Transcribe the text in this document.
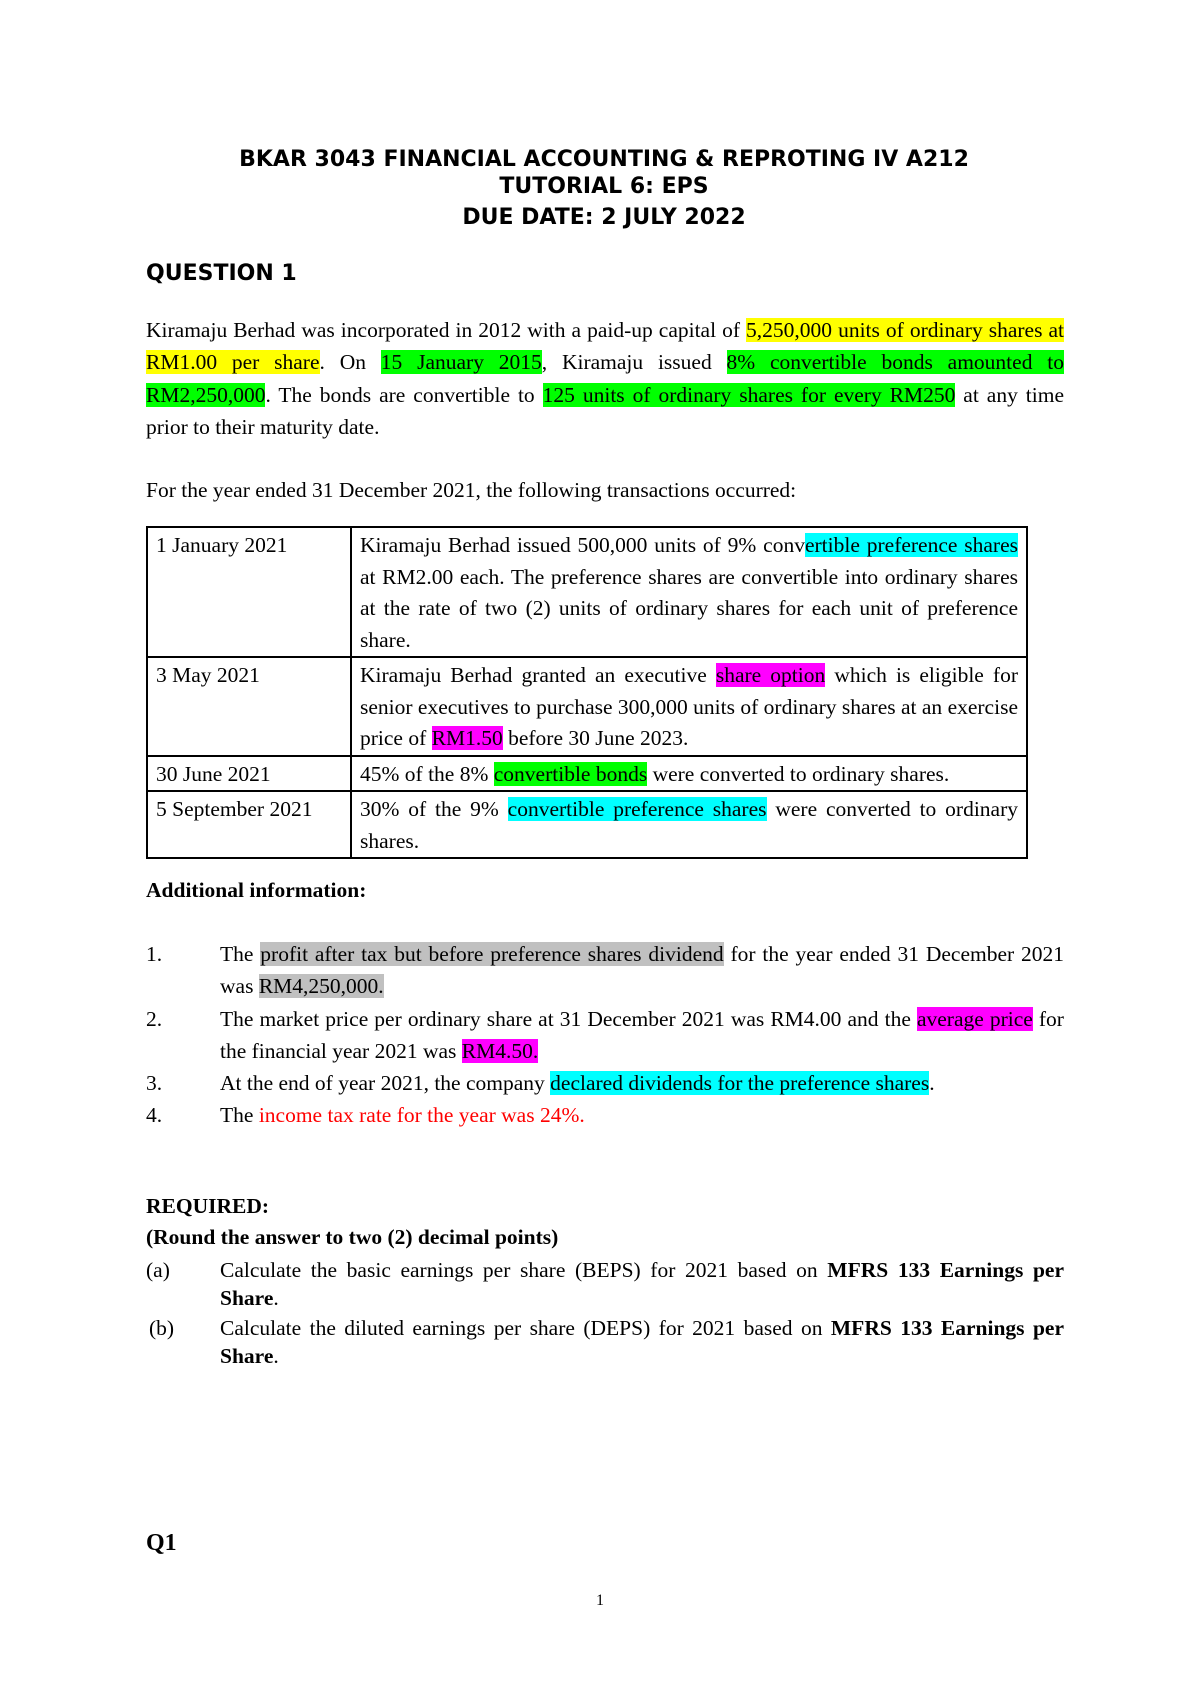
BKAR 3043 FINANCIAL ACCOUNTING & REPROTING IV A212
TUTORIAL 6: EPS
DUE DATE: 2 JULY 2022
QUESTION 1
Kiramaju Berhad was incorporated in 2012 with a paid-up capital of 5,250,000 units of ordinary shares at RM1.00 per share. On 15 January 2015, Kiramaju issued 8% convertible bonds amounted to RM2,250,000. The bonds are convertible to 125 units of ordinary shares for every RM250 at any time prior to their maturity date.
For the year ended 31 December 2021, the following transactions occurred:
1 January 2021	Kiramaju Berhad issued 500,000 units of 9% convertible preference shares at RM2.00 each. The preference shares are convertible into ordinary shares at the rate of two (2) units of ordinary shares for each unit of preference share.
3 May 2021	Kiramaju Berhad granted an executive share option which is eligible for senior executives to purchase 300,000 units of ordinary shares at an exercise price of RM1.50 before 30 June 2023.
30 June 2021	45% of the 8% convertible bonds were converted to ordinary shares.
5 September 2021	30% of the 9% convertible preference shares were converted to ordinary shares.
Additional information:
1.	The profit after tax but before preference shares dividend for the year ended 31 December 2021 was RM4,250,000.
2.	The market price per ordinary share at 31 December 2021 was RM4.00 and the average price for the financial year 2021 was RM4.50.
3.	At the end of year 2021, the company declared dividends for the preference shares.
4.	The income tax rate for the year was 24%.
REQUIRED:
(Round the answer to two (2) decimal points)
(a) Calculate the basic earnings per share (BEPS) for 2021 based on MFRS 133 Earnings per Share.
(b) Calculate the diluted earnings per share (DEPS) for 2021 based on MFRS 133 Earnings per Share.
Q1
1
